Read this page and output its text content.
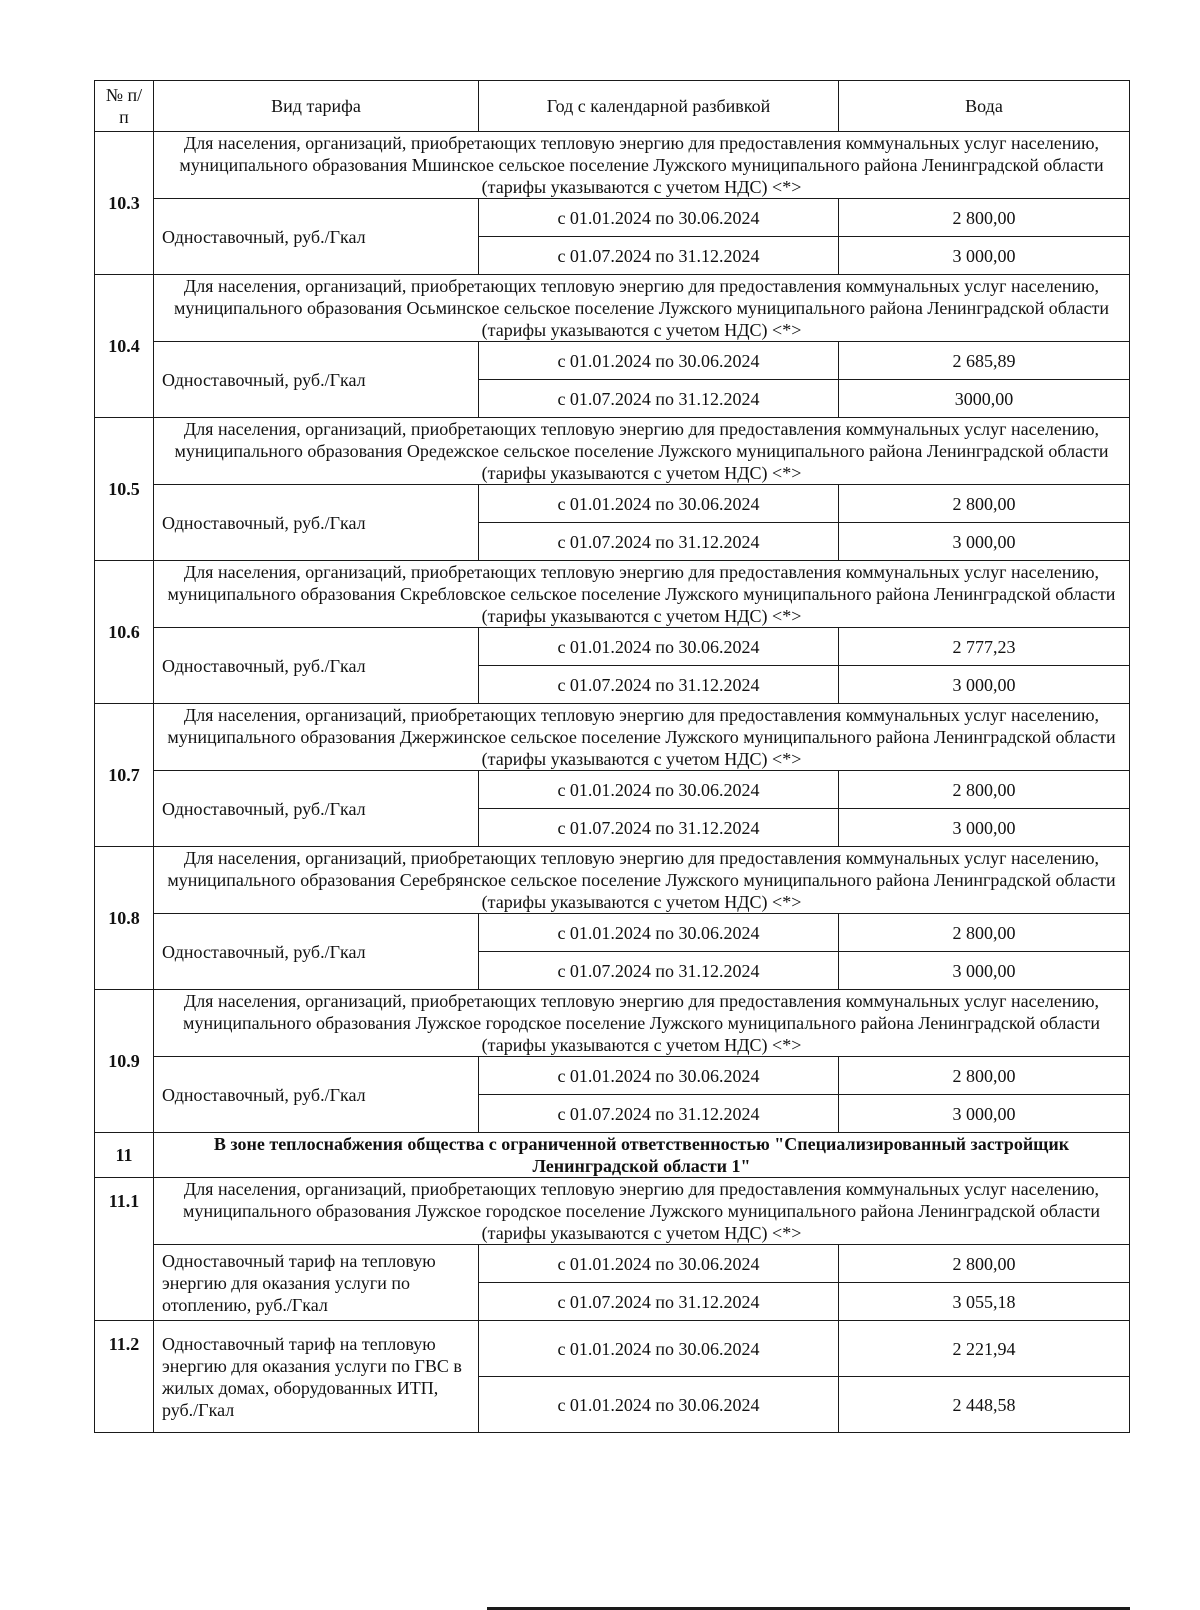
№ п/п	Вид тарифа	Год с календарной разбивкой	Вода
10.3	Для населения, организаций, приобретающих тепловую энергию для предоставления коммунальных услуг населению, муниципального образования Мшинское сельское поселение Лужского муниципального района Ленинградской области (тарифы указываются с учетом НДС) <*>		
	Одноставочный, руб./Гкал	с 01.01.2024 по 30.06.2024	2 800,00
		с 01.07.2024 по 31.12.2024	3 000,00
10.4	Для населения, организаций, приобретающих тепловую энергию для предоставления коммунальных услуг населению, муниципального образования Осьминское сельское поселение Лужского муниципального района Ленинградской области (тарифы указываются с учетом НДС) <*>		
	Одноставочный, руб./Гкал	с 01.01.2024 по 30.06.2024	2 685,89
		с 01.07.2024 по 31.12.2024	3000,00
10.5	Для населения, организаций, приобретающих тепловую энергию для предоставления коммунальных услуг населению, муниципального образования Оредежское сельское поселение Лужского муниципального района Ленинградской области (тарифы указываются с учетом НДС) <*>		
	Одноставочный, руб./Гкал	с 01.01.2024 по 30.06.2024	2 800,00
		с 01.07.2024 по 31.12.2024	3 000,00
10.6	Для населения, организаций, приобретающих тепловую энергию для предоставления коммунальных услуг населению, муниципального образования Скребловское сельское поселение Лужского муниципального района Ленинградской области (тарифы указываются с учетом НДС) <*>		
	Одноставочный, руб./Гкал	с 01.01.2024 по 30.06.2024	2 777,23
		с 01.07.2024 по 31.12.2024	3 000,00
10.7	Для населения, организаций, приобретающих тепловую энергию для предоставления коммунальных услуг населению, муниципального образования Джержинское сельское поселение Лужского муниципального района Ленинградской области (тарифы указываются с учетом НДС) <*>		
	Одноставочный, руб./Гкал	с 01.01.2024 по 30.06.2024	2 800,00
		с 01.07.2024 по 31.12.2024	3 000,00
10.8	Для населения, организаций, приобретающих тепловую энергию для предоставления коммунальных услуг населению, муниципального образования Серебрянское сельское поселение Лужского муниципального района Ленинградской области (тарифы указываются с учетом НДС) <*>		
	Одноставочный, руб./Гкал	с 01.01.2024 по 30.06.2024	2 800,00
		с 01.07.2024 по 31.12.2024	3 000,00
10.9	Для населения, организаций, приобретающих тепловую энергию для предоставления коммунальных услуг населению, муниципального образования Лужское городское поселение Лужского муниципального района Ленинградской области (тарифы указываются с учетом НДС) <*>		
	Одноставочный, руб./Гкал	с 01.01.2024 по 30.06.2024	2 800,00
		с 01.07.2024 по 31.12.2024	3 000,00
11	В зоне теплоснабжения общества с ограниченной ответственностью "Специализированный застройщик Ленинградской области 1"		
11.1	Для населения, организаций, приобретающих тепловую энергию для предоставления коммунальных услуг населению, муниципального образования Лужское городское поселение Лужского муниципального района Ленинградской области (тарифы указываются с учетом НДС) <*>		
	Одноставочный тариф на тепловую энергию для оказания услуги по отоплению, руб./Гкал	с 01.01.2024 по 30.06.2024	2 800,00
		с 01.07.2024 по 31.12.2024	3 055,18
11.2	Одноставочный тариф на тепловую энергию для оказания услуги по ГВС в жилых домах, оборудованных ИТП, руб./Гкал	с 01.01.2024 по 30.06.2024	2 221,94
		с 01.01.2024 по 30.06.2024	2 448,58
